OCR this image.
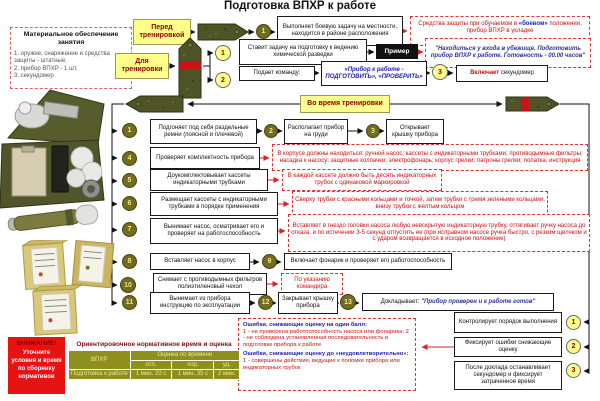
Подготовка ВПХР к работе
Материальное обеспечение занятия
1. оружие, снаряжение и средства защиты - штатные,
2. прибор ВПХР - 1 шт.
3. секундомер
Перед тренировкой
1
Выполняет боевую задачу на местности, находится в районе расположения
Средства защиты при обучаемом в «боевом» положении, прибор ВПХР в укладке
Для тренировки
1
Ставит задачу на подготовку к ведению химической разведки	Пример	"Находиться у входа в убежище. Подготовить прибор ВПХР к работе. Готовность - 00.00 часов"
2
Подает команду:
«Прибор к работе - ПОДГОТОВИТЬ», «ПРОВЕРИТЬ»
3	Включает секундомер
Во время тренировки
1	Подгоняет под себя раздельные ремни (поясной и плечевой)	2	Располагает прибор на груди	3	Открывает крышку прибора
4	Проверяет комплектность прибора
В корпусе должны находиться: ручной насос; кассеты с индикаторными трубками; противодымные фильтры; насадка к насосу; защитные колпачки; электрофонарь; корпус грелки; патроны грелки; лопатка; инструкция
5
Доукомплектовывает кассеты индикаторными трубками
В каждой кассете должно быть десять индикаторных трубок с одинаковой маркировкой
6	Размещает кассеты с индикаторными трубками в порядке применения
Сверху трубки с красными кольцами и точкой, затем трубки с тремя зелеными кольцами, внизу трубки с желтым кольцом
7	Вынимает насос, осматривает его и проверяет на работоспособность
Вставляет в гнездо головки насоса любую невскрытую индикаторную трубку, оттягивает ручку насоса до отказа, и по истечении 3-5 секунд отпустить ее (при исправном насосе ручка быстро, с резким щелчком и с ударом возвращается в исходное положение)
8	Вставляет насос в корпус	9	Включает фонарик и проверяет его работоспособность
10
Снимает с противодымных фильтров полиэтиленовый чехол
По указанию командира
11	Вынимает из прибора инструкцию по эксплуатации	12	Закрывает крышку прибора
13	Докладывает: "Прибор проверен и к работе готов"
Ошибки, снижающие оценку на один балл:
1 - не проверена работоспособность насоса или фонарика; 2 - не соблюдена установленная последовательность в подготовке прибора к работе
Ошибки, снижающие оценку до «неудовлетворительно»:
1 - совершены действия, ведущие к поломке прибора или индикаторных трубок
Контролирует порядок выполнения	1
Фиксирует ошибки снижающие оценку	2
После доклада останавливает секундомер и фиксирует затраченное время
3
ВНИМАНИЕ!
Уточните условия и время по сборнику нормативов
Ориентировочное нормативное время и оценка
ВПХР	Оценка по времени		
	отл.	хор.	уд.
Подготовка к работе	1 мин. 20 с	1 мин. 35 с	2 мин.
